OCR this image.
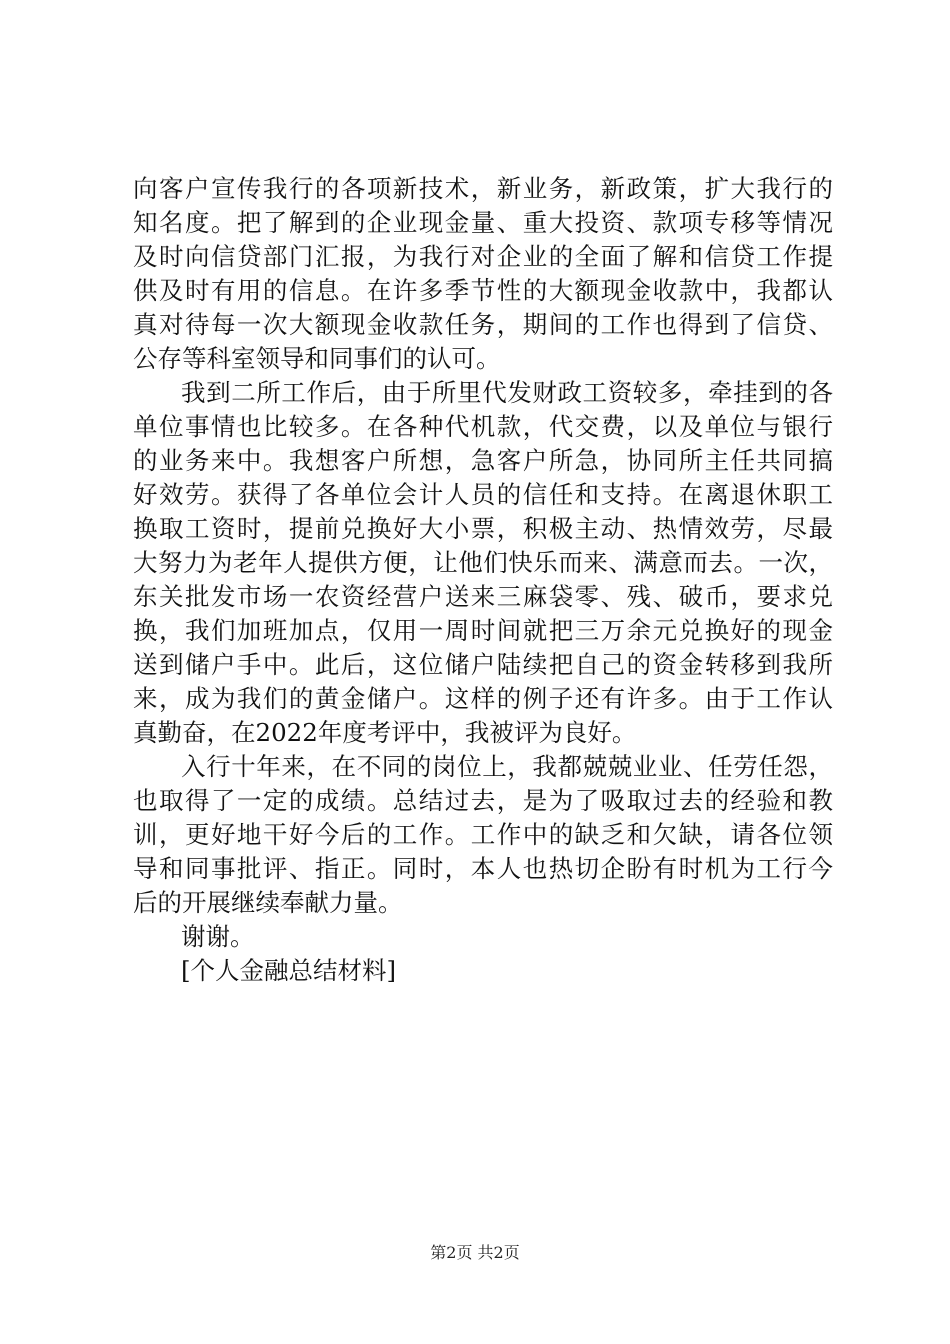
向客户宣传我行的各项新技术，新业务，新政策，扩大我行的
知名度。把了解到的企业现金量、重大投资、款项专移等情况
及时向信贷部门汇报，为我行对企业的全面了解和信贷工作提
供及时有用的信息。在许多季节性的大额现金收款中，我都认
真对待每一次大额现金收款任务，期间的工作也得到了信贷、
公存等科室领导和同事们的认可。
我到二所工作后，由于所里代发财政工资较多，牵挂到的各
单位事情也比较多。在各种代机款，代交费，以及单位与银行
的业务来中。我想客户所想，急客户所急，协同所主任共同搞
好效劳。获得了各单位会计人员的信任和支持。在离退休职工
换取工资时，提前兑换好大小票，积极主动、热情效劳，尽最
大努力为老年人提供方便，让他们快乐而来、满意而去。一次，
东关批发市场一农资经营户送来三麻袋零、残、破币，要求兑
换，我们加班加点，仅用一周时间就把三万余元兑换好的现金
送到储户手中。此后，这位储户陆续把自己的资金转移到我所
来，成为我们的黄金储户。这样的例子还有许多。由于工作认
真勤奋，在2022年度考评中，我被评为良好。
入行十年来，在不同的岗位上，我都兢兢业业、任劳任怨，
也取得了一定的成绩。总结过去，是为了吸取过去的经验和教
训，更好地干好今后的工作。工作中的缺乏和欠缺，请各位领
导和同事批评、指正。同时，本人也热切企盼有时机为工行今
后的开展继续奉献力量。
谢谢。
[个人金融总结材料]
第2页 共2页
